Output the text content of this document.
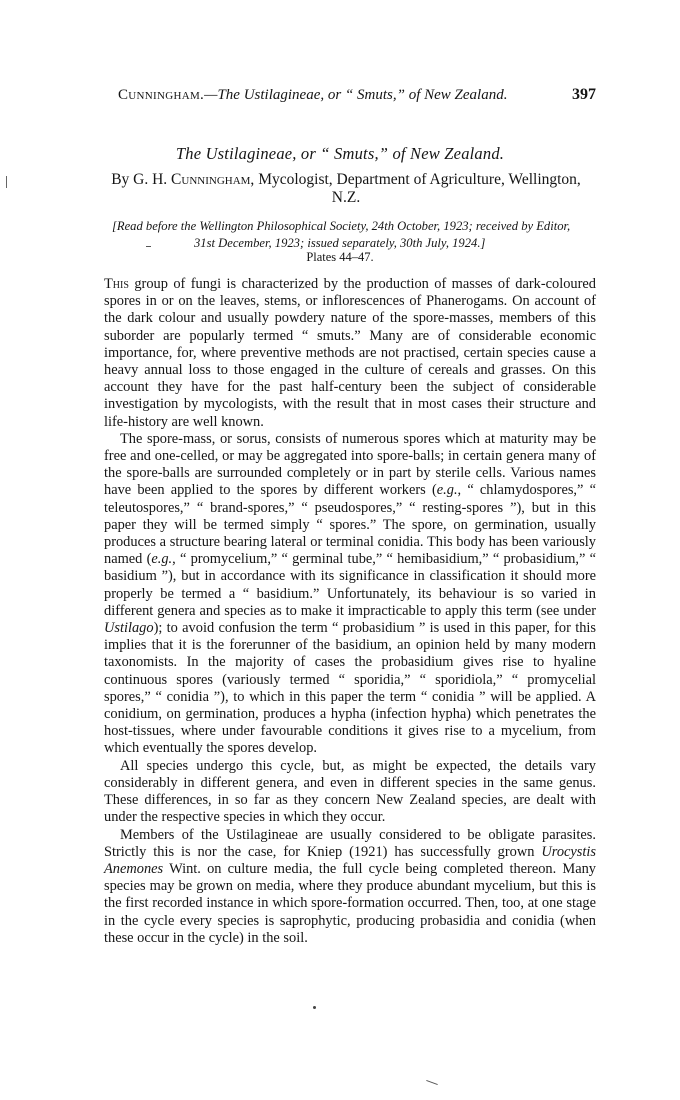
Cunningham.—The Ustilagineae, or “ Smuts,” of New Zealand.	397
The Ustilagineae, or “ Smuts,” of New Zealand.
By G. H. Cunningham, Mycologist, Department of Agriculture, Wellington, N.Z.
[Read before the Wellington Philosophical Society, 24th October, 1923; received by Editor,
31st December, 1923; issued separately, 30th July, 1924.]
Plates 44–47.

This group of fungi is characterized by the production of masses of dark-coloured spores in or on the leaves, stems, or inflorescences of Phanerogams. On account of the dark colour and usually powdery nature of the spore-masses, members of this suborder are popularly termed “ smuts.” Many are of considerable economic importance, for, where preventive methods are not practised, certain species cause a heavy annual loss to those engaged in the culture of cereals and grasses. On this account they have for the past half-century been the subject of considerable investigation by mycologists, with the result that in most cases their structure and life-history are well known.

The spore-mass, or sorus, consists of numerous spores which at maturity may be free and one-celled, or may be aggregated into spore-balls; in certain genera many of the spore-balls are surrounded completely or in part by sterile cells. Various names have been applied to the spores by different workers (e.g., “ chlamydospores,” “ teleutospores,” “ brand-spores,” “ pseudospores,” “ resting-spores ”), but in this paper they will be termed simply “ spores.” The spore, on germination, usually produces a structure bearing lateral or terminal conidia. This body has been variously named (e.g., “ promycelium,” “ germinal tube,” “ hemibasidium,” “ probasidium,” “ basidium ”), but in accordance with its significance in classification it should more properly be termed a “ basidium.” Unfortunately, its behaviour is so varied in different genera and species as to make it impracticable to apply this term (see under Ustilago); to avoid confusion the term “ probasidium ” is used in this paper, for this implies that it is the forerunner of the basidium, an opinion held by many modern taxonomists. In the majority of cases the probasidium gives rise to hyaline continuous spores (variously termed “ sporidia,” “ sporidiola,” “ promycelial spores,” “ conidia ”), to which in this paper the term “ conidia ” will be applied. A conidium, on germination, produces a hypha (infection hypha) which penetrates the host-tissues, where under favourable conditions it gives rise to a mycelium, from which eventually the spores develop.

All species undergo this cycle, but, as might be expected, the details vary considerably in different genera, and even in different species in the same genus. These differences, in so far as they concern New Zealand species, are dealt with under the respective species in which they occur.

Members of the Ustilagineae are usually considered to be obligate parasites. Strictly this is nor the case, for Kniep (1921) has successfully grown Urocystis Anemones Wint. on culture media, the full cycle being completed thereon. Many species may be grown on media, where they produce abundant mycelium, but this is the first recorded instance in which spore-formation occurred. Then, too, at one stage in the cycle every species is saprophytic, producing probasidia and conidia (when these occur in the cycle) in the soil.
